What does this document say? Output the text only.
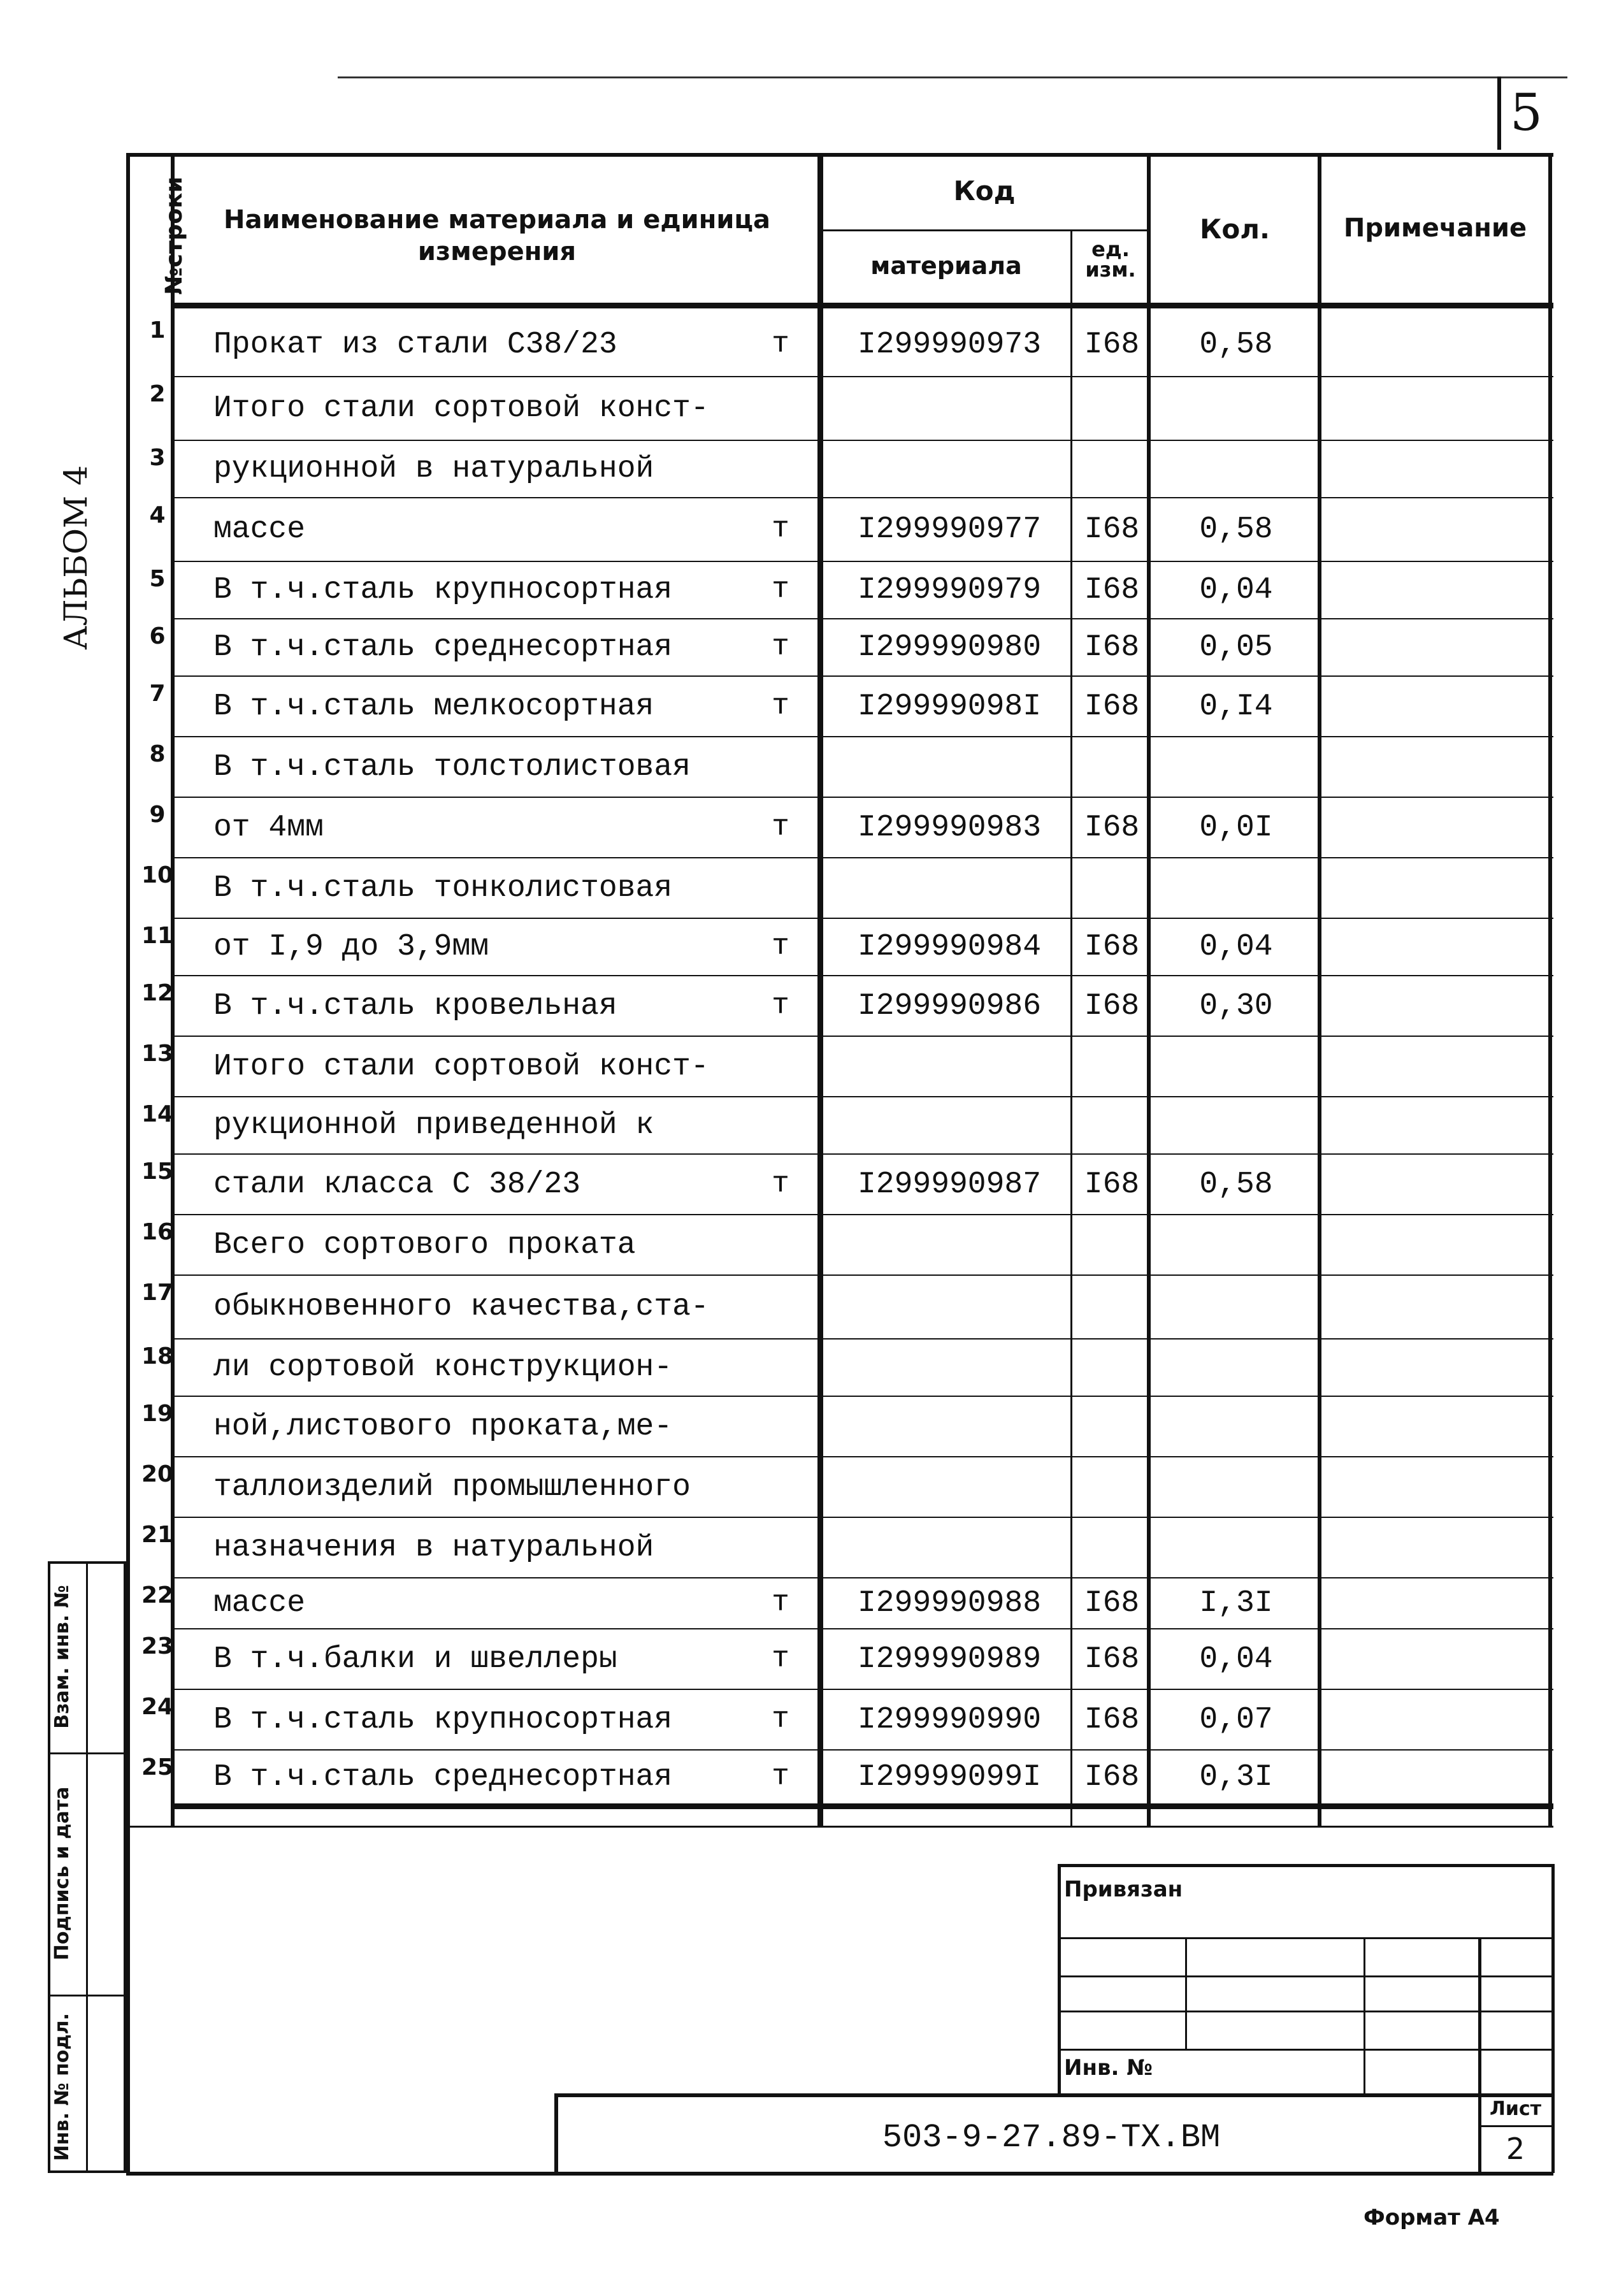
5
АЛЬБОМ 4
№строки	Наименование материала и единица измерения
Код
материала
ед. изм.
Кол.	Примечание
1	Прокат из стали С38/23	т	I299990973	I68	0,58
2	Итого стали сортовой конст-
3	рукционной в натуральной
4	массе	т	I299990977	I68	0,58
5	В т.ч.сталь крупносортная	т	I299990979	I68	0,04
6	В т.ч.сталь среднесортная	т	I299990980	I68	0,05
7	В т.ч.сталь мелкосортная	т	I29999098I	I68	0,I4
8	В т.ч.сталь толстолистовая
9	от 4мм	т	I299990983	I68	0,0I
10 В т.ч.сталь тонколистовая
11 от I,9 до 3,9мм	т	I299990984	I68	0,04
12 В т.ч.сталь кровельная	т	I299990986	I68	0,30
13 Итого стали сортовой конст-
14 рукционной приведенной к
15 стали класса С 38/23	т	I299990987	I68	0,58
16 Всего сортового проката
17 обыкновенного качества,ста-
18 ли сортовой конструкцион-
19 ной,листового проката,ме-
20 таллоизделий промышленного
21 назначения в натуральной
22 массе	т	I299990988	I68	I,3I
23 В т.ч.балки и швеллеры	т	I299990989	I68	0,04
24 В т.ч.сталь крупносортная	т	I299990990	I68	0,07
25 В т.ч.сталь среднесортная	т	I29999099I	I68	0,3I
Взам. инв. №
Подпись и дата
Инв. № подл.
Привязан
Инв. №
503-9-27.89-ТХ.ВМ
Лист
2
Формат А4
